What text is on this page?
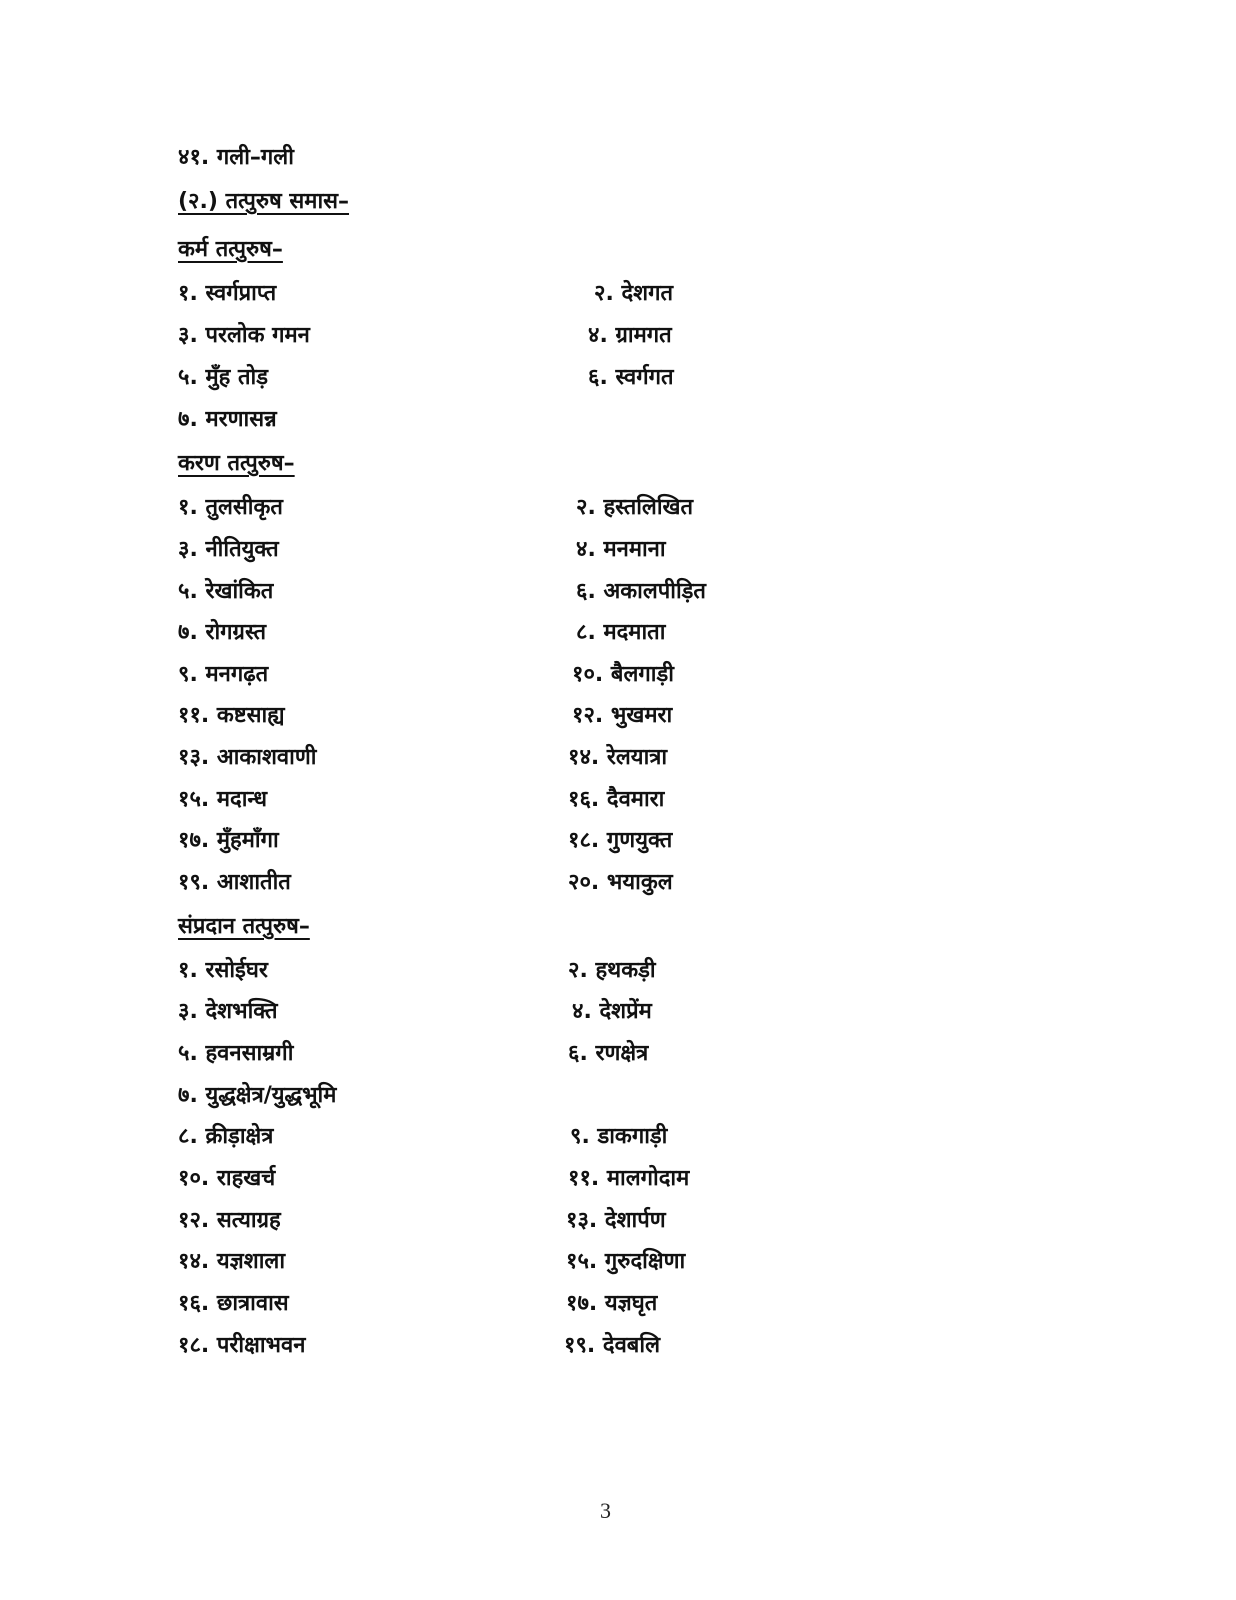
४१. गली–गली
(२.) तत्पुरुष समास–
कर्म तत्पुरुष–
१. स्वर्गप्राप्त	२. देशगत
३. परलोक गमन	४. ग्रामगत
५. मुँह तोड़	६. स्वर्गगत
७. मरणासन्न
करण तत्पुरुष–
१. तुलसीकृत	२. हस्तलिखित
३. नीतियुक्त	४. मनमाना
५. रेखांकित	६. अकालपीड़ित
७. रोगग्रस्त	८. मदमाता
९. मनगढ़त	१०. बैलगाड़ी
११. कष्टसाह्य	१२. भुखमरा
१३. आकाशवाणी	१४. रेलयात्रा
१५. मदान्ध	१६. दैवमारा
१७. मुँहमाँगा	१८. गुणयुक्त
१९. आशातीत	२०. भयाकुल
संप्रदान तत्पुरुष–
१. रसोईघर	२. हथकड़ी
३. देशभक्ति	४. देशप्रेंम
५. हवनसाम्रगी	६. रणक्षेत्र
७. युद्धक्षेत्र/युद्धभूमि
८. क्रीड़ाक्षेत्र	९. डाकगाड़ी
१०. राहखर्च	११. मालगोदाम
१२. सत्याग्रह	१३. देशार्पण
१४. यज्ञशाला	१५. गुरुदक्षिणा
१६. छात्रावास	१७. यज्ञघृत
१८. परीक्षाभवन	१९. देवबलि
3
